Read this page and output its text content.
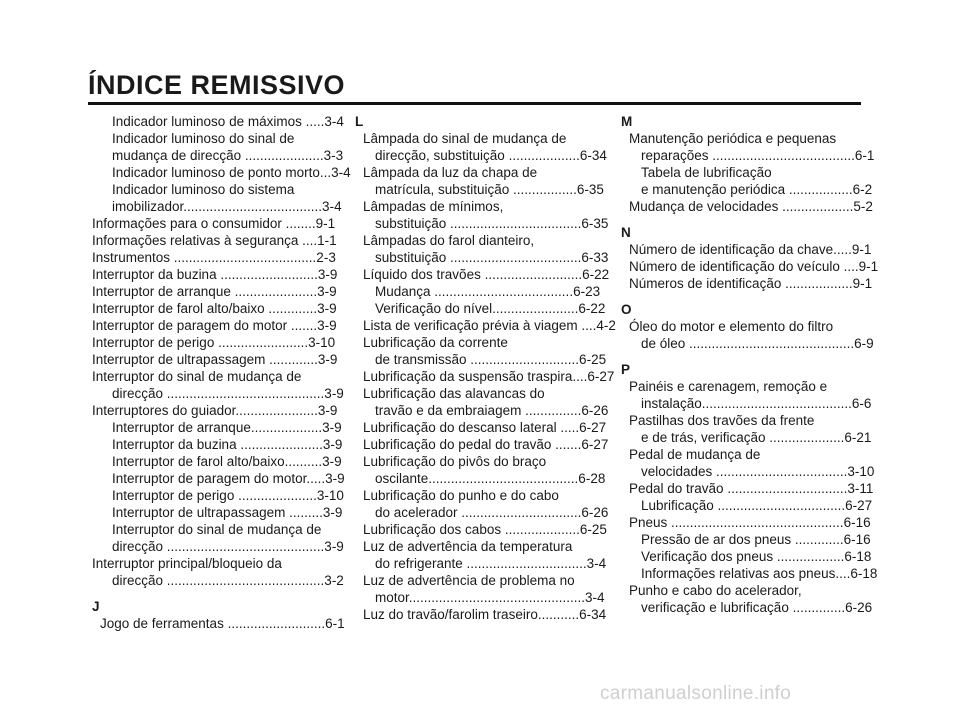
ÍNDICE REMISSIVO
Indicador luminoso de máximos .....3-4
Indicador luminoso do sinal de
mudança de direcção .....................3-3
Indicador luminoso de ponto morto...3-4
Indicador luminoso do sistema
imobilizador.....................................3-4
Informações para o consumidor ........9-1
Informações relativas à segurança ....1-1
Instrumentos ......................................2-3
Interruptor da buzina ..........................3-9
Interruptor de arranque ......................3-9
Interruptor de farol alto/baixo .............3-9
Interruptor de paragem do motor .......3-9
Interruptor de perigo ........................3-10
Interruptor de ultrapassagem .............3-9
Interruptor do sinal de mudança de
direcção ..........................................3-9
Interruptores do guiador......................3-9
Interruptor de arranque...................3-9
Interruptor da buzina ......................3-9
Interruptor de farol alto/baixo..........3-9
Interruptor de paragem do motor.....3-9
Interruptor de perigo .....................3-10
Interruptor de ultrapassagem .........3-9
Interruptor do sinal de mudança de
direcção ..........................................3-9
Interruptor principal/bloqueio da
direcção ..........................................3-2
J
Jogo de ferramentas ..........................6-1
L
Lâmpada do sinal de mudança de
direcção, substituição ...................6-34
Lâmpada da luz da chapa de
matrícula, substituição .................6-35
Lâmpadas de mínimos,
substituição ...................................6-35
Lâmpadas do farol dianteiro,
substituição ...................................6-33
Líquido dos travões ..........................6-22
Mudança .....................................6-23
Verificação do nível.......................6-22
Lista de verificação prévia à viagem ....4-2
Lubrificação da corrente
de transmissão .............................6-25
Lubrificação da suspensão traspira....6-27
Lubrificação das alavancas do
travão e da embraiagem ...............6-26
Lubrificação do descanso lateral .....6-27
Lubrificação do pedal do travão .......6-27
Lubrificação do pivôs do braço
oscilante........................................6-28
Lubrificação do punho e do cabo
do acelerador ................................6-26
Lubrificação dos cabos ....................6-25
Luz de advertência da temperatura
do refrigerante ................................3-4
Luz de advertência de problema no
motor...............................................3-4
Luz do travão/farolim traseiro...........6-34
M
Manutenção periódica e pequenas
reparações ......................................6-1
Tabela de lubrificação
e manutenção periódica .................6-2
Mudança de velocidades ...................5-2
N
Número de identificação da chave.....9-1
Número de identificação do veículo ....9-1
Números de identificação ..................9-1
O
Óleo do motor e elemento do filtro
de óleo ............................................6-9
P
Painéis e carenagem, remoção e
instalação........................................6-6
Pastilhas dos travões da frente
e de trás, verificação ....................6-21
Pedal de mudança de
velocidades ...................................3-10
Pedal do travão ................................3-11
Lubrificação ..................................6-27
Pneus ..............................................6-16
Pressão de ar dos pneus .............6-16
Verificação dos pneus ..................6-18
Informações relativas aos pneus....6-18
Punho e cabo do acelerador,
verificação e lubrificação ..............6-26
carmanualsonline.info
